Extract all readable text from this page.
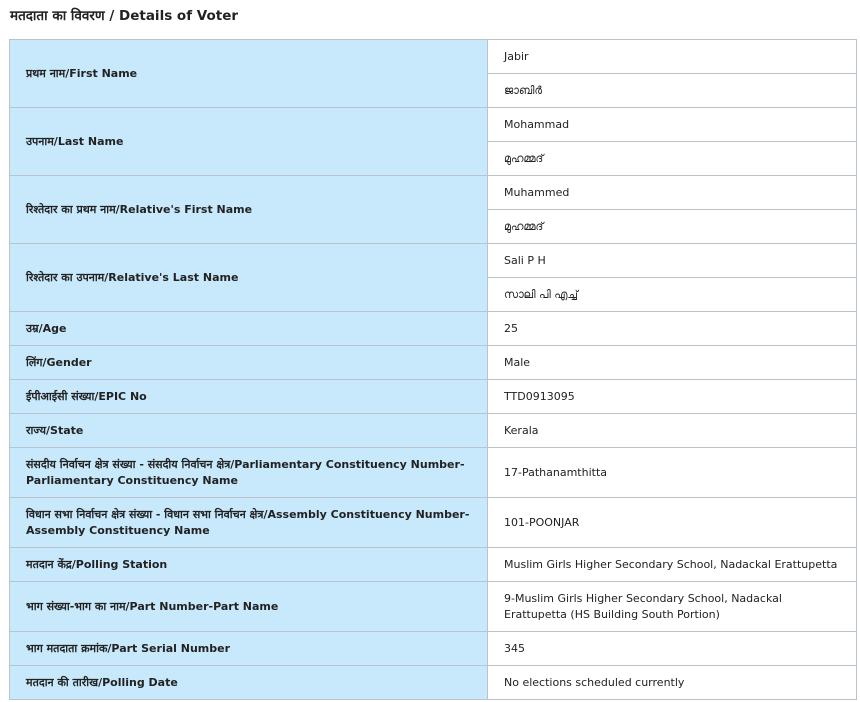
मतदाता का विवरण / Details of Voter
प्रथम नाम/First Name	Jabir
	ജാബിർ
उपनाम/Last Name	Mohammad
	മുഹമ്മദ്
रिश्तेदार का प्रथम नाम/Relative's First Name	Muhammed
	മുഹമ്മദ്
रिश्तेदार का उपनाम/Relative's Last Name	Sali P H
	സാലി പി എച്ച്
उम्र/Age	25
लिंग/Gender	Male
ईपीआईसी संख्या/EPIC No	TTD0913095
राज्य/State	Kerala
संसदीय निर्वाचन क्षेत्र संख्या - संसदीय निर्वाचन क्षेत्र/Parliamentary Constituency Number-Parliamentary Constituency Name	17-Pathanamthitta
विधान सभा निर्वाचन क्षेत्र संख्या - विधान सभा निर्वाचन क्षेत्र/Assembly Constituency Number-Assembly Constituency Name	101-POONJAR
मतदान केंद्र/Polling Station	Muslim Girls Higher Secondary School, Nadackal Erattupetta
भाग संख्या-भाग का नाम/Part Number-Part Name	9-Muslim Girls Higher Secondary School, Nadackal Erattupetta (HS Building South Portion)
भाग मतदाता क्रमांक/Part Serial Number	345
मतदान की तारीख/Polling Date	No elections scheduled currently
